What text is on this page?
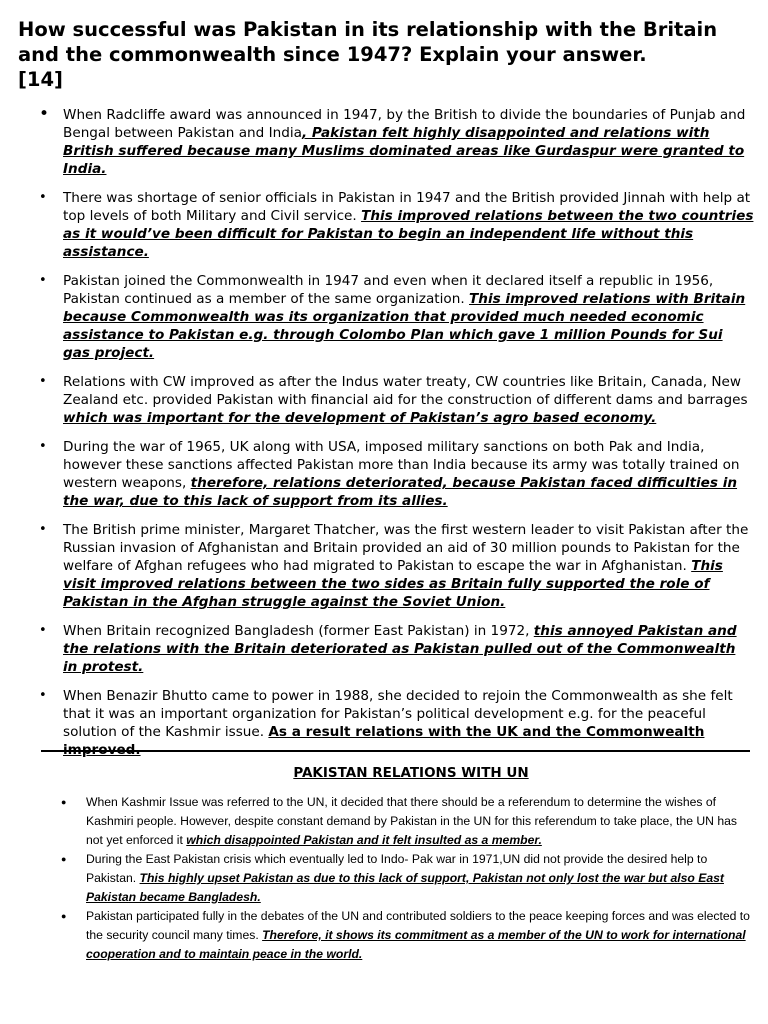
How successful was Pakistan in its relationship with the Britain
and the commonwealth since 1947? Explain your answer.
[14]
• When Radcliffe award was announced in 1947, by the British to divide the boundaries of Punjab and Bengal between Pakistan and India, Pakistan felt highly disappointed and relations with British suffered because many Muslims dominated areas like Gurdaspur were granted to India.
• There was shortage of senior officials in Pakistan in 1947 and the British provided Jinnah with help at top levels of both Military and Civil service. This improved relations between the two countries as it would’ve been difficult for Pakistan to begin an independent life without this assistance.
• Pakistan joined the Commonwealth in 1947 and even when it declared itself a republic in 1956, Pakistan continued as a member of the same organization. This improved relations with Britain because Commonwealth was its organization that provided much needed economic assistance to Pakistan e.g. through Colombo Plan which gave 1 million Pounds for Sui gas project.
• Relations with CW improved as after the Indus water treaty, CW countries like Britain, Canada, New Zealand etc. provided Pakistan with financial aid for the construction of different dams and barrages which was important for the development of Pakistan’s agro based economy.
• During the war of 1965, UK along with USA, imposed military sanctions on both Pak and India, however these sanctions affected Pakistan more than India because its army was totally trained on western weapons, therefore, relations deteriorated, because Pakistan faced difficulties in the war, due to this lack of support from its allies.
• The British prime minister, Margaret Thatcher, was the first western leader to visit Pakistan after the Russian invasion of Afghanistan and Britain provided an aid of 30 million pounds to Pakistan for the welfare of Afghan refugees who had migrated to Pakistan to escape the war in Afghanistan. This visit improved relations between the two sides as Britain fully supported the role of Pakistan in the Afghan struggle against the Soviet Union.
• When Britain recognized Bangladesh (former East Pakistan) in 1972, this annoyed Pakistan and the relations with the Britain deteriorated as Pakistan pulled out of the Commonwealth in protest.
• When Benazir Bhutto came to power in 1988, she decided to rejoin the Commonwealth as she felt that it was an important organization for Pakistan’s political development e.g. for the peaceful solution of the Kashmir issue. As a result relations with the UK and the Commonwealth improved.
PAKISTAN RELATIONS WITH UN
● When Kashmir Issue was referred to the UN, it decided that there should be a referendum to determine the wishes of Kashmiri people. However, despite constant demand by Pakistan in the UN for this referendum to take place, the UN has not yet enforced it which disappointed Pakistan and it felt insulted as a member.
● During the East Pakistan crisis which eventually led to Indo- Pak war in 1971,UN did not provide the desired help to Pakistan. This highly upset Pakistan as due to this lack of support, Pakistan not only lost the war but also East Pakistan became Bangladesh.
● Pakistan participated fully in the debates of the UN and contributed soldiers to the peace keeping forces and was elected to the security council many times. Therefore, it shows its commitment as a member of the UN to work for international cooperation and to maintain peace in the world.
